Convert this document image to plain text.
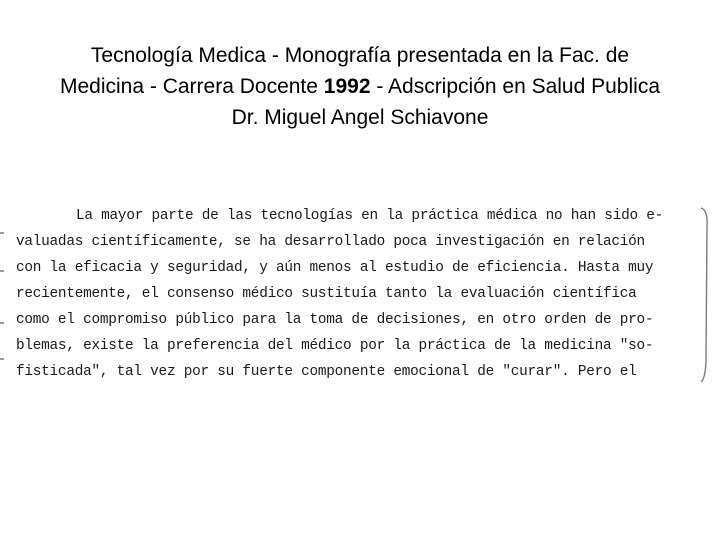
Tecnología Medica - Monografía presentada en la Fac. de
Medicina - Carrera Docente 1992 - Adscripción en Salud Publica
Dr. Miguel Angel Schiavone
La mayor parte de las tecnologías en la práctica médica no han sido e-
valuadas científicamente, se ha desarrollado poca investigación en relación
con la eficacia y seguridad, y aún menos al estudio de eficiencia. Hasta muy
recientemente, el consenso médico sustituía tanto la evaluación científica
como el compromiso público para la toma de decisiones, en otro orden de pro-
blemas, existe la preferencia del médico por la práctica de la medicina "so-
fisticada", tal vez por su fuerte componente emocional de "curar". Pero el
